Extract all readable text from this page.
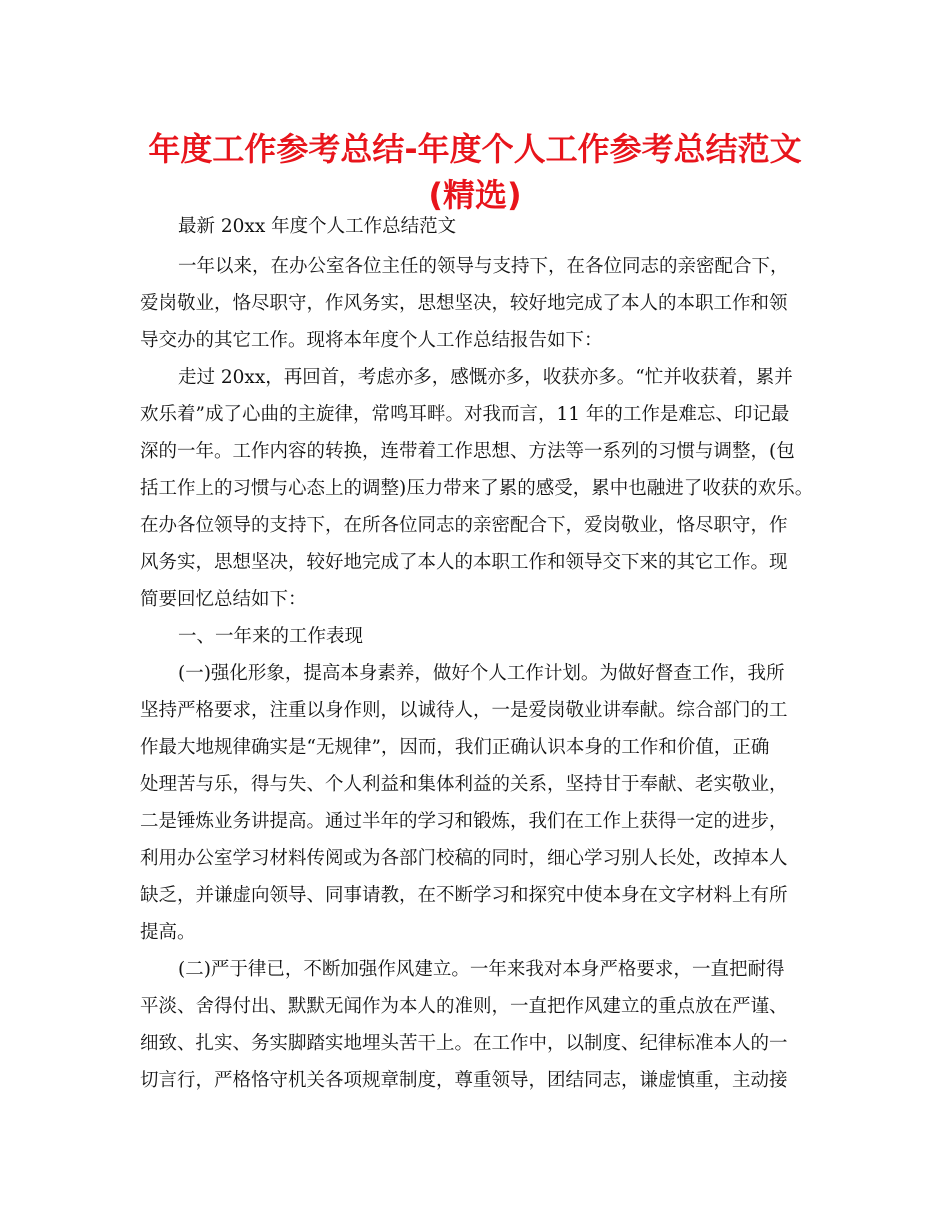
年度工作参考总结-年度个人工作参考总结范文
(精选)
最新 20xx 年度个人工作总结范文
一年以来，在办公室各位主任的领导与支持下，在各位同志的亲密配合下，
爱岗敬业，恪尽职守，作风务实，思想坚决，较好地完成了本人的本职工作和领
导交办的其它工作。现将本年度个人工作总结报告如下：
走过 20xx，再回首，考虑亦多，感慨亦多，收获亦多。“忙并收获着，累并
欢乐着”成了心曲的主旋律，常鸣耳畔。对我而言，11 年的工作是难忘、印记最
深的一年。工作内容的转换，连带着工作思想、方法等一系列的习惯与调整，(包
括工作上的习惯与心态上的调整)压力带来了累的感受，累中也融进了收获的欢乐。
在办各位领导的支持下，在所各位同志的亲密配合下，爱岗敬业，恪尽职守，作
风务实，思想坚决，较好地完成了本人的本职工作和领导交下来的其它工作。现
简要回忆总结如下：
一、一年来的工作表现
(一)强化形象，提高本身素养，做好个人工作计划。为做好督查工作，我所
坚持严格要求，注重以身作则，以诚待人，一是爱岗敬业讲奉献。综合部门的工
作最大地规律确实是“无规律”，因而，我们正确认识本身的工作和价值，正确
处理苦与乐，得与失、个人利益和集体利益的关系，坚持甘于奉献、老实敬业，
二是锤炼业务讲提高。通过半年的学习和锻炼，我们在工作上获得一定的进步，
利用办公室学习材料传阅或为各部门校稿的同时，细心学习别人长处，改掉本人
缺乏，并谦虚向领导、同事请教，在不断学习和探究中使本身在文字材料上有所
提高。
(二)严于律已，不断加强作风建立。一年来我对本身严格要求，一直把耐得
平淡、舍得付出、默默无闻作为本人的准则，一直把作风建立的重点放在严谨、
细致、扎实、务实脚踏实地埋头苦干上。在工作中，以制度、纪律标准本人的一
切言行，严格恪守机关各项规章制度，尊重领导，团结同志，谦虚慎重，主动接
